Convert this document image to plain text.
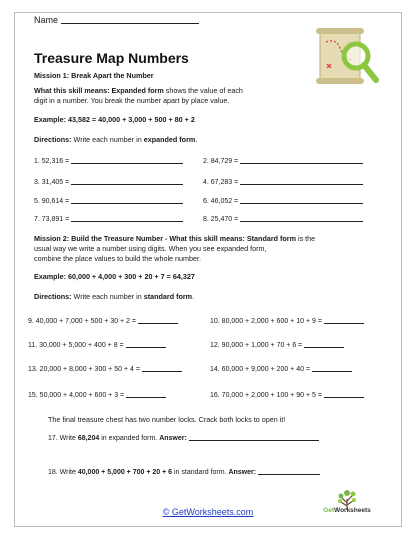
Name
Treasure Map Numbers
Mission 1: Break Apart the Number
What this skill means: Expanded form shows the value of each
digit in a number. You break the number apart by place value.
Example: 43,582 = 40,000 + 3,000 + 500 + 80 + 2
Directions: Write each number in expanded form.
1. 52,316 =	2. 84,729 =
3. 31,405 =	4. 67,283 =
5. 90,614 =	6. 46,052 =
7. 73,891 =	8. 25,470 =
Mission 2: Build the Treasure Number - What this skill means: Standard form is the
usual way we write a number using digits. When you see expanded form,
combine the place values to build the whole number.
Example: 60,000 + 4,000 + 300 + 20 + 7 = 64,327
Directions: Write each number in standard form.
9. 40,000 + 7,000 + 500 + 30 + 2 =	10. 80,000 + 2,000 + 600 + 10 + 9 =
11. 30,000 + 5,000 + 400 + 8 =	12. 90,000 + 1,000 + 70 + 6 =
13. 20,000 + 8,000 + 300 + 50 + 4 =	14. 60,000 + 9,000 + 200 + 40 =
15. 50,000 + 4,000 + 600 + 3 =	16. 70,000 + 2,000 + 100 + 90 + 5 =
The final treasure chest has two number locks. Crack both locks to open it!
17. Write 68,204 in expanded form. Answer:
18. Write 40,000 + 5,000 + 700 + 20 + 6 in standard form. Answer:
GetWorksheets
© GetWorksheets.com
